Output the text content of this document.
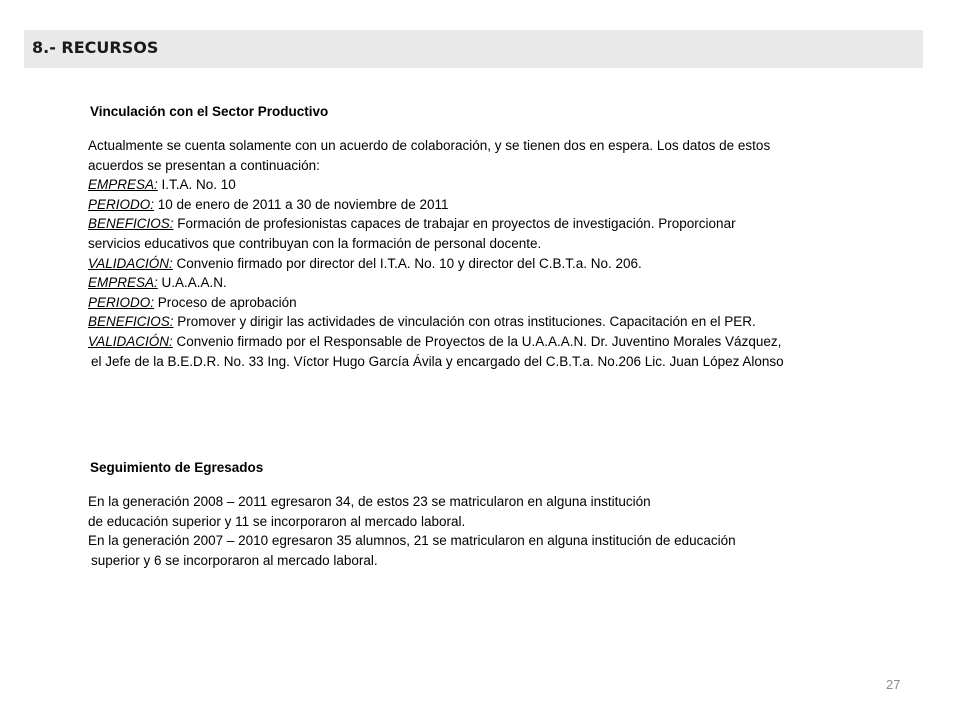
8.- RECURSOS
Vinculación con el Sector Productivo
Actualmente se cuenta solamente con un acuerdo de colaboración, y se tienen dos en espera. Los datos de estos
acuerdos se presentan a continuación:
EMPRESA: I.T.A. No. 10
PERIODO: 10 de enero de 2011 a 30 de noviembre de 2011
BENEFICIOS: Formación de profesionistas capaces de trabajar en proyectos de investigación. Proporcionar
servicios educativos que contribuyan con la formación de personal docente.
VALIDACIÓN: Convenio firmado por director del I.T.A. No. 10 y director del C.B.T.a. No. 206.
EMPRESA: U.A.A.A.N.
PERIODO: Proceso de aprobación
BENEFICIOS: Promover y dirigir las actividades de vinculación con otras instituciones. Capacitación en el PER.
VALIDACIÓN: Convenio firmado por el Responsable de Proyectos de la U.A.A.A.N. Dr. Juventino Morales Vázquez,
el Jefe de la B.E.D.R. No. 33 Ing. Víctor Hugo García Ávila y encargado del C.B.T.a. No.206 Lic. Juan López Alonso
Seguimiento de Egresados
En la generación 2008 – 2011 egresaron 34, de estos 23 se matricularon en alguna institución
de educación superior y 11 se incorporaron al mercado laboral.
En la generación 2007 – 2010 egresaron 35 alumnos, 21 se matricularon en alguna institución de educación
superior y 6 se incorporaron al mercado laboral.
27
